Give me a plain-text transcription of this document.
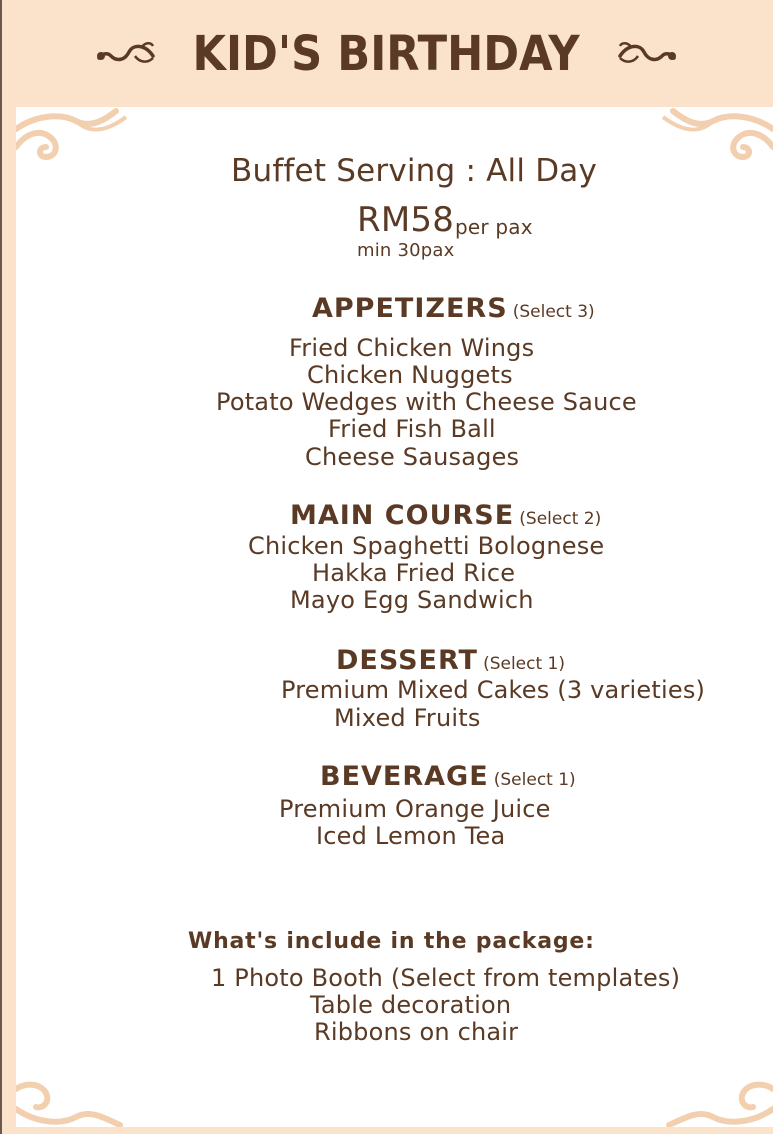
KID'S BIRTHDAY
Buffet Serving : All Day
RM58 per pax
min 30pax
APPETIZERS (Select 3)
Fried Chicken Wings
Chicken Nuggets
Potato Wedges with Cheese Sauce
Fried Fish Ball
Cheese Sausages
MAIN COURSE (Select 2)
Chicken Spaghetti Bolognese
Hakka Fried Rice
Mayo Egg Sandwich
DESSERT (Select 1)
Premium Mixed Cakes (3 varieties)
Mixed Fruits
BEVERAGE (Select 1)
Premium Orange Juice
Iced Lemon Tea
What's include in the package:
1 Photo Booth (Select from templates)
Table decoration
Ribbons on chair
